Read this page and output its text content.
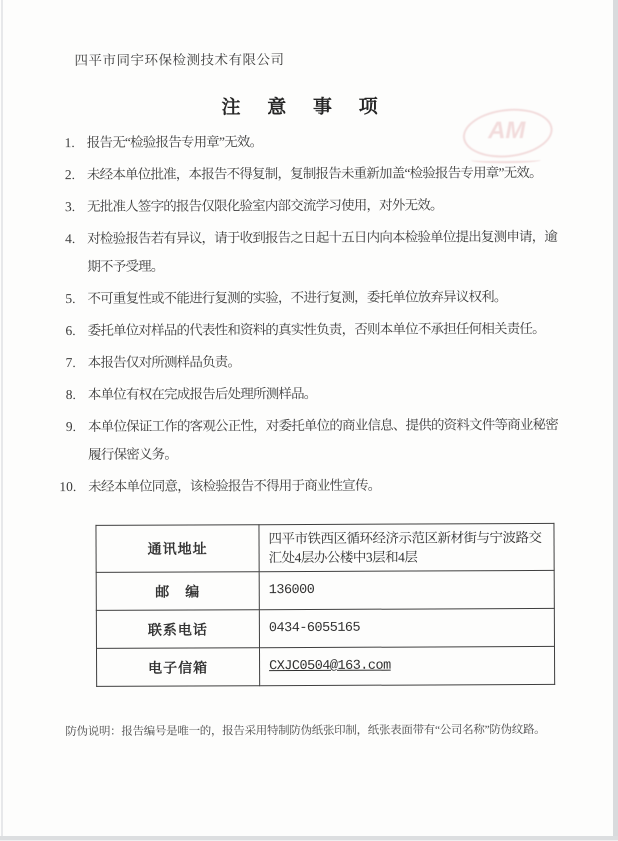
四平市同宇环保检测技术有限公司
注 意 事 项
AM
1. 报告无“检验报告专用章”无效。
2. 未经本单位批准，本报告不得复制，复制报告未重新加盖“检验报告专用章”无效。
3. 无批准人签字的报告仅限化验室内部交流学习使用，对外无效。
4. 对检验报告若有异议，请于收到报告之日起十五日内向本检验单位提出复测申请，逾期不予受理。
5. 不可重复性或不能进行复测的实验，不进行复测，委托单位放弃异议权利。
6. 委托单位对样品的代表性和资料的真实性负责，否则本单位不承担任何相关责任。
7. 本报告仅对所测样品负责。
8. 本单位有权在完成报告后处理所测样品。
9. 本单位保证工作的客观公正性，对委托单位的商业信息、提供的资料文件等商业秘密履行保密义务。
10. 未经本单位同意，该检验报告不得用于商业性宣传。
通讯地址	四平市铁西区循环经济示范区新材街与宁波路交汇处4层办公楼中3层和4层
邮　编	136000
联系电话	0434-6055165
电子信箱	CXJC0504@163.com
防伪说明：报告编号是唯一的，报告采用特制防伪纸张印制，纸张表面带有“公司名称”防伪纹路。
